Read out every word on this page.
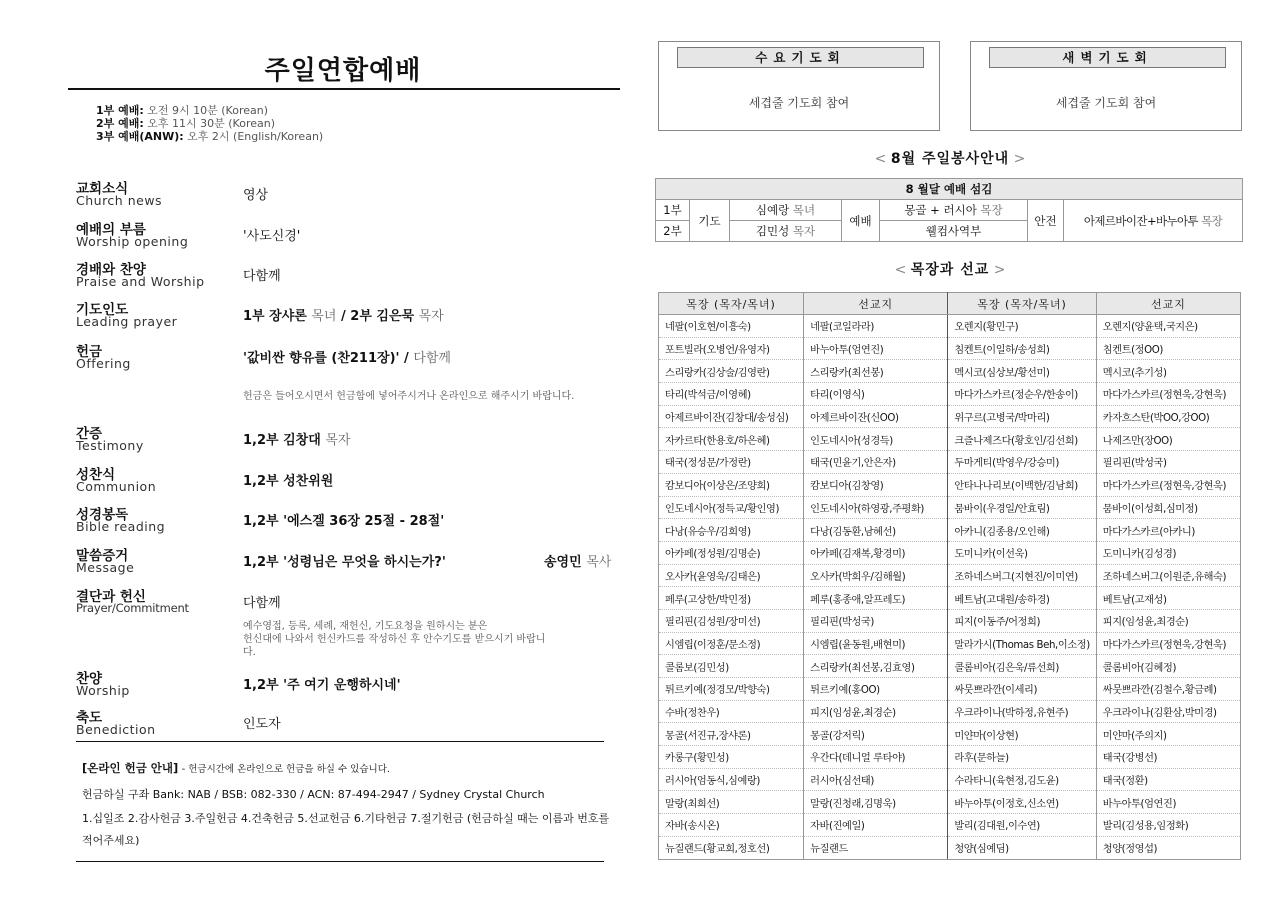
주일연합예배
1부 예배: 오전 9시 10분 (Korean)
2부 예배: 오후 11시 30분 (Korean)
3부 예배(ANW): 오후 2시 (English/Korean)
교회소식
Church news	영상
예배의 부름
Worship opening	'사도신경'
경배와 찬양
Praise and Worship	다함께
기도인도
Leading prayer	1부 장샤론 목녀 / 2부 김은묵 목자
헌금
Offering	'값비싼 향유를 (찬211장)' / 다함께
헌금은 들어오시면서 헌금함에 넣어주시거나 온라인으로 해주시기 바랍니다.
간증
Testimony	1,2부 김창대 목자
성찬식
Communion	1,2부 성찬위원
성경봉독
Bible reading	1,2부 '에스겔 36장 25절 - 28절'
말씀증거
Message	1,2부 '성령님은 무엇을 하시는가?'	송영민 목사
결단과 헌신
Prayer/Commitment	다함께
예수영접, 등록, 세례, 재헌신, 기도요청을 원하시는 분은
헌신대에 나와서 헌신카드를 작성하신 후 안수기도를 받으시기 바랍니
다.
찬양
Worship	1,2부 '주 여기 운행하시네'
축도
Benediction	인도자
[온라인 헌금 안내] - 헌금시간에 온라인으로 헌금을 하실 수 있습니다.
헌금하실 구좌 Bank: NAB / BSB: 082-330 / ACN: 87-494-2947 / Sydney Crystal Church
1.십일조 2.감사헌금 3.주일헌금 4.건축헌금 5.선교헌금 6.기타헌금 7.절기헌금 (헌금하실 때는 이름과 번호를
적어주세요)
수요기도회
세겹줄 기도회 참여
새벽기도회
세겹줄 기도회 참여
< 8월 주일봉사안내 >
8 월달 예배 섬김						
1부	기도	심예랑 목녀	예배	몽골 + 러시아 목장	안전	아제르바이잔+바누아투 목장
2부		김민성 목자		웰컴사역부		
< 목장과 선교 >
목장 (목자/목녀)	선교지	목장 (목자/목녀)	선교지
네팔(이호현/이흥숙)	네팔(코일라라)	오렌지(황민구)	오렌지(양윤택,국지은)
포트빌라(오병언/유영자)	바누아투(엄연진)	침켄트(이일하/송성희)	침켄트(정OO)
스리랑카(김상술/김영란)	스리랑카(최선봉)	멕시코(심상보/황선미)	멕시코(추기성)
타리(박석금/이영혜)	타리(이영식)	마다가스카르(정순우/한송이)	마다가스카르(정현욱,강현욱)
아제르바이잔(김창대/송성심)	아제르바이잔(신OO)	위구르(고병국/박마리)	카자흐스탄(박OO,강OO)
자카르타(한용호/하은혜)	인도네시아(성경득)	크즐나제즈다(황호인/김선희)	나제즈만(장OO)
태국(정성문/가정란)	태국(민윤기,안은자)	두마게티(박영우/강승미)	필리핀(박성국)
캄보디아(이상은/조양희)	캄보디아(김창영)	안타나나리보(이백한/김남희)	마다가스카르(정현욱,강현욱)
인도네시아(정득교/황인영)	인도네시아(하영광,주평화)	뭄바이(우경일/안효림)	뭄바이(이성희,심미정)
다낭(유승우/김희영)	다낭(김동환,남혜선)	아카니(김종용/오인해)	마다가스카르(아카니)
아카페(정성원/김명순)	아카페(김재복,황경미)	도미니카(이선욱)	도미니카(김성경)
오사카(윤영욱/김태은)	오사카(박희우/김해월)	조하네스버그(지현진/이미연)	조하네스버그(이원준,유해숙)
페루(고상한/박민정)	페루(홍종애,알프레도)	베트남(고대원/송하경)	베트남(고재성)
필리핀(김성원/장미선)	필리핀(박성국)	피지(이동주/어정희)	피지(임성윤,최경순)
시엠립(이정훈/문소정)	시엠립(윤동원,배현미)	말라가시(Thomas Beh,이소정)	마다가스카르(정현욱,강현욱)
콜롬보(김민성)	스리랑카(최선봉,김효영)	콜롬비아(김은욱/류선희)	콜롬비아(김혜정)
튀르키예(정경모/박향숙)	튀르키예(홍OO)	싸뭇쁘라깐(이세리)	싸뭇쁘라깐(김철수,황금례)
수바(정찬우)	피지(임성윤,최경순)	우크라이나(박하정,유현주)	우크라이나(김환삼,박미경)
몽골(서진규,장샤론)	몽골(강저릭)	미얀마(이상현)	미얀마(주의지)
카롱구(황민성)	우간다(데니얼 루타야)	라후(문하늘)	태국(강병선)
러시아(엄동식,심예랑)	러시아(심선태)	수라타니(육현정,김도윤)	태국(정환)
말랑(최희선)	말랑(진청래,김명욱)	바누아투(이정호,신소연)	바누아투(엄연진)
자바(송시온)	자바(진예일)	발리(김대원,이수연)	발리(김성용,임정화)
뉴질랜드(황교희,정호선)	뉴질랜드	청양(심예딤)	청양(정영섭)
